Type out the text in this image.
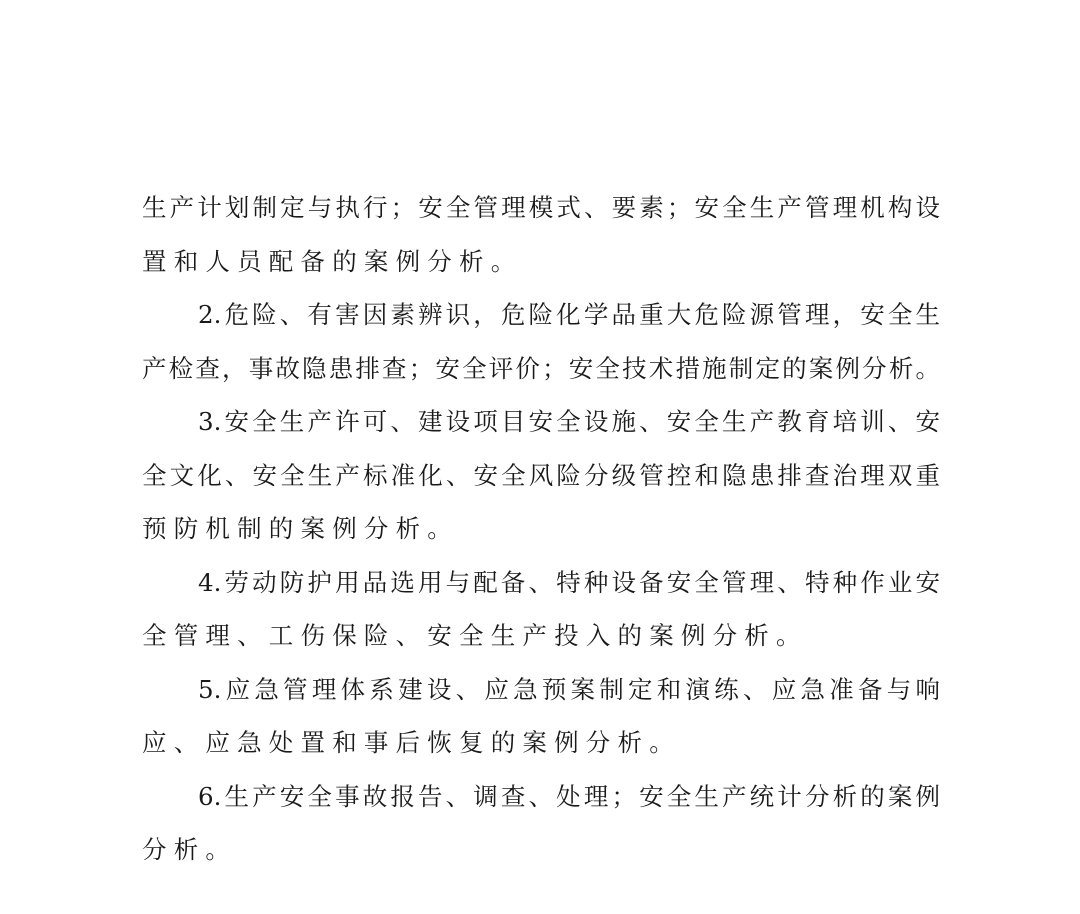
生产计划制定与执行；安全管理模式、要素；安全生产管理机构设
置和人员配备的案例分析。
2.危险、有害因素辨识，危险化学品重大危险源管理，安全生
产检查，事故隐患排查；安全评价；安全技术措施制定的案例分析。
3.安全生产许可、建设项目安全设施、安全生产教育培训、安
全文化、安全生产标准化、安全风险分级管控和隐患排查治理双重
预防机制的案例分析。
4.劳动防护用品选用与配备、特种设备安全管理、特种作业安
全管理、工伤保险、安全生产投入的案例分析。
5.应急管理体系建设、应急预案制定和演练、应急准备与响
应、应急处置和事后恢复的案例分析。
6.生产安全事故报告、调查、处理；安全生产统计分析的案例
分析。
